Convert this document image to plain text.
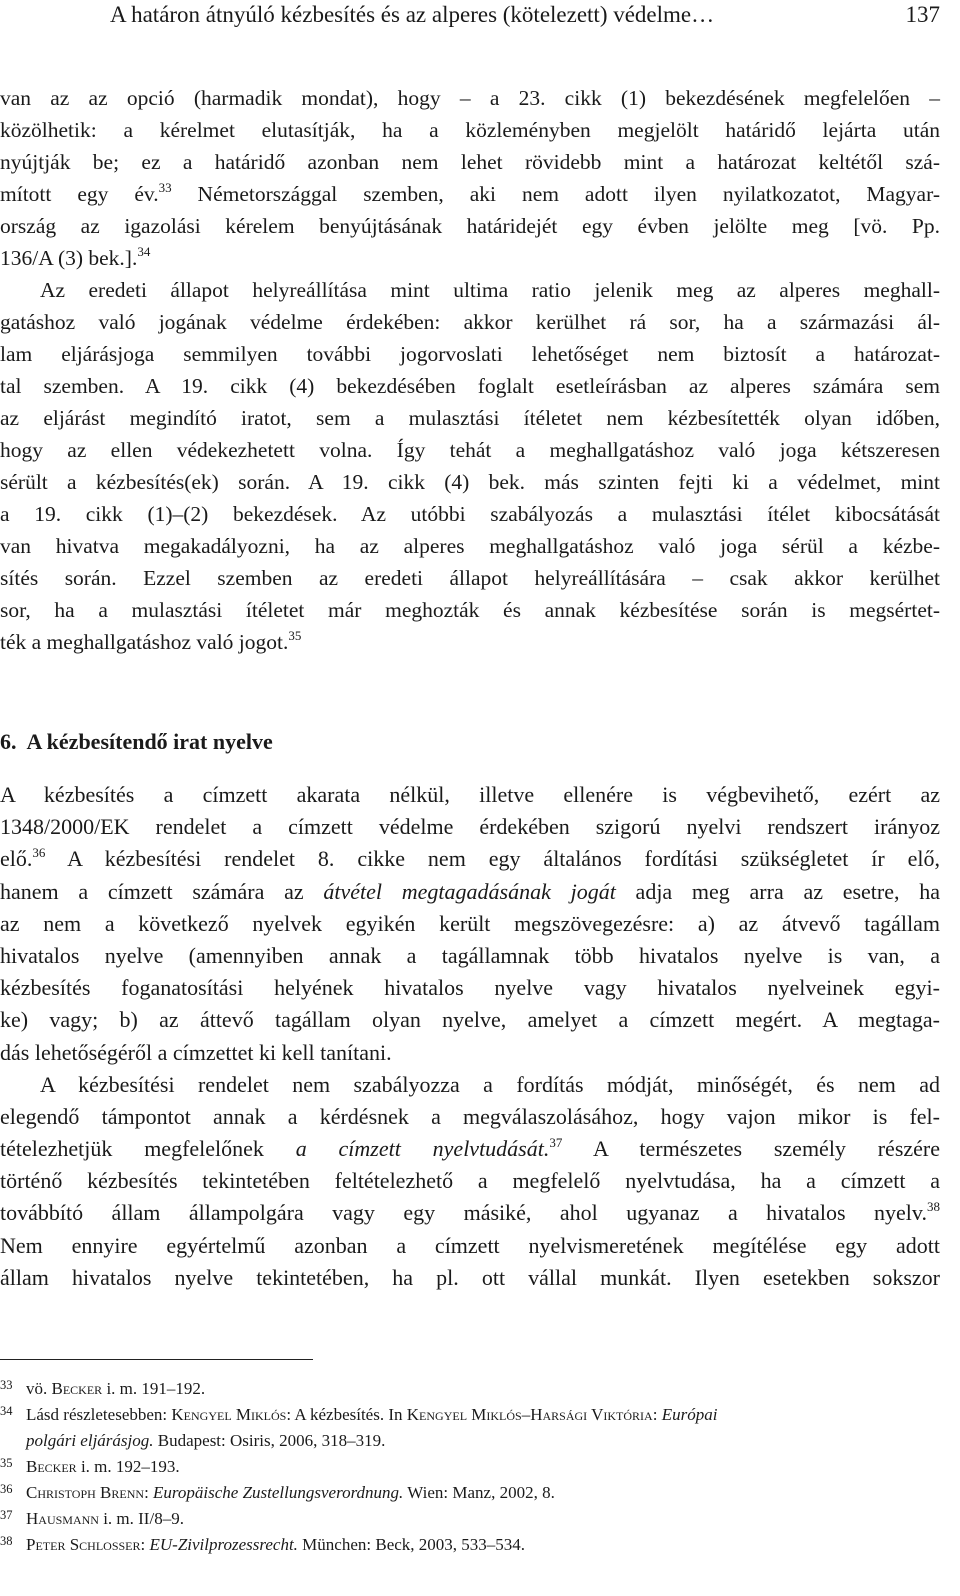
A határon átnyúló kézbesítés és az alperes (kötelezett) védelme…	137
van az az opció (harmadik mondat), hogy – a 23. cikk (1) bekezdésének megfelelően –
közölhetik: a kérelmet elutasítják, ha a közleményben megjelölt határidő lejárta után
nyújtják be; ez a határidő azonban nem lehet rövidebb mint a határozat keltétől szá-
mított egy év.$^{33}$ Németországgal szemben, aki nem adott ilyen nyilatkozatot, Magyar-
ország az igazolási kérelem benyújtásának határidejét egy évben jelölte meg [vö. Pp.
136/A (3) bek.].$^{34}$
Az eredeti állapot helyreállítása mint ultima ratio jelenik meg az alperes meghall-
gatáshoz való jogának védelme érdekében: akkor kerülhet rá sor, ha a származási ál-
lam eljárásjoga semmilyen további jogorvoslati lehetőséget nem biztosít a határozat-
tal szemben. A 19. cikk (4) bekezdésében foglalt esetleírásban az alperes számára sem
az eljárást megindító iratot, sem a mulasztási ítéletet nem kézbesítették olyan időben,
hogy az ellen védekezhetett volna. Így tehát a meghallgatáshoz való joga kétszeresen
sérült a kézbesítés(ek) során. A 19. cikk (4) bek. más szinten fejti ki a védelmet, mint
a 19. cikk (1)–(2) bekezdések. Az utóbbi szabályozás a mulasztási ítélet kibocsátását
van hivatva megakadályozni, ha az alperes meghallgatáshoz való joga sérül a kézbe-
sítés során. Ezzel szemben az eredeti állapot helyreállítására – csak akkor kerülhet
sor, ha a mulasztási ítéletet már meghozták és annak kézbesítése során is megsértet-
ték a meghallgatáshoz való jogot.$^{35}$
6. A kézbesítendő irat nyelve
A kézbesítés a címzett akarata nélkül, illetve ellenére is végbevihető, ezért az
1348/2000/EK rendelet a címzett védelme érdekében szigorú nyelvi rendszert irányoz
elő.$^{36}$ A kézbesítési rendelet 8. cikke nem egy általános fordítási szükségletet ír elő,
hanem a címzett számára az átvétel megtagadásának jogát adja meg arra az esetre, ha
az nem a következő nyelvek egyikén került megszövegezésre: a) az átvevő tagállam
hivatalos nyelve (amennyiben annak a tagállamnak több hivatalos nyelve is van, a
kézbesítés foganatosítási helyének hivatalos nyelve vagy hivatalos nyelveinek egyi-
ke) vagy; b) az áttevő tagállam olyan nyelve, amelyet a címzett megért. A megtaga-
dás lehetőségéről a címzettet ki kell tanítani.
A kézbesítési rendelet nem szabályozza a fordítás módját, minőségét, és nem ad
elegendő támpontot annak a kérdésnek a megválaszolásához, hogy vajon mikor is fel-
tételezhetjük megfelelőnek a címzett nyelvtudását.$^{37}$ A természetes személy részére
történő kézbesítés tekintetében feltételezhető a megfelelő nyelvtudása, ha a címzett a
továbbító állam állampolgára vagy egy másiké, ahol ugyanaz a hivatalos nyelv.$^{38}$
Nem ennyire egyértelmű azonban a címzett nyelvismeretének megítélése egy adott
állam hivatalos nyelve tekintetében, ha pl. ott vállal munkát. Ilyen esetekben sokszor
33 vö. Becker i. m. 191–192.
34 Lásd részletesebben: Kengyel Miklós: A kézbesítés. In Kengyel Miklós–Harsági Viktória: Európai
polgári eljárásjog. Budapest: Osiris, 2006, 318–319.
35 Becker i. m. 192–193.
36 Christoph Brenn: Europäische Zustellungsverordnung. Wien: Manz, 2002, 8.
37 Hausmann i. m. II/8–9.
38 Peter Schlosser: EU-Zivilprozessrecht. München: Beck, 2003, 533–534.
